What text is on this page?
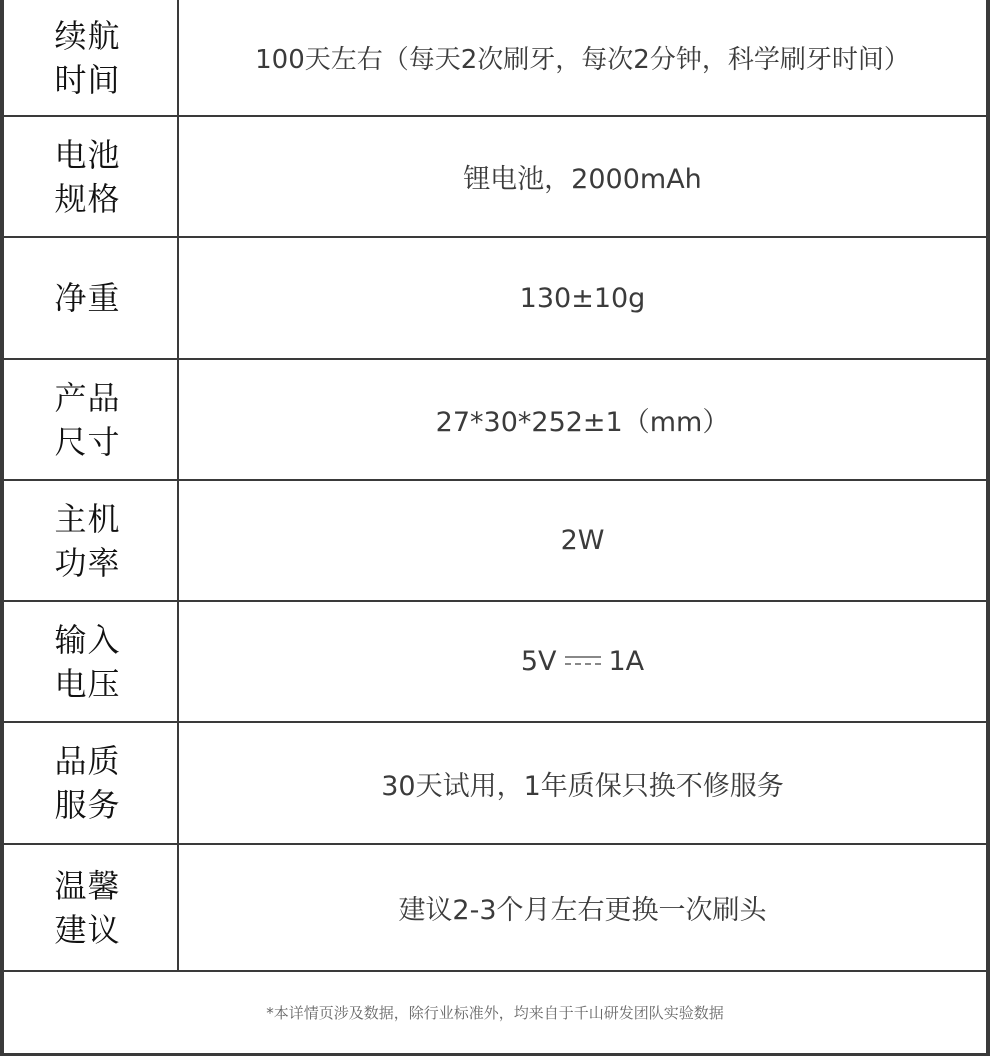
续航
时间	100天左右（每天2次刷牙，每次2分钟，科学刷牙时间）
电池
规格	锂电池，2000mAh
净重	130±10g
产品
尺寸	27*30*252±1（mm）
主机
功率	2W
输入
电压	5V 1A
品质
服务	30天试用，1年质保只换不修服务
温馨
建议	建议2-3个月左右更换一次刷头
*本详情页涉及数据，除行业标准外，均来自于千山研发团队实验数据
